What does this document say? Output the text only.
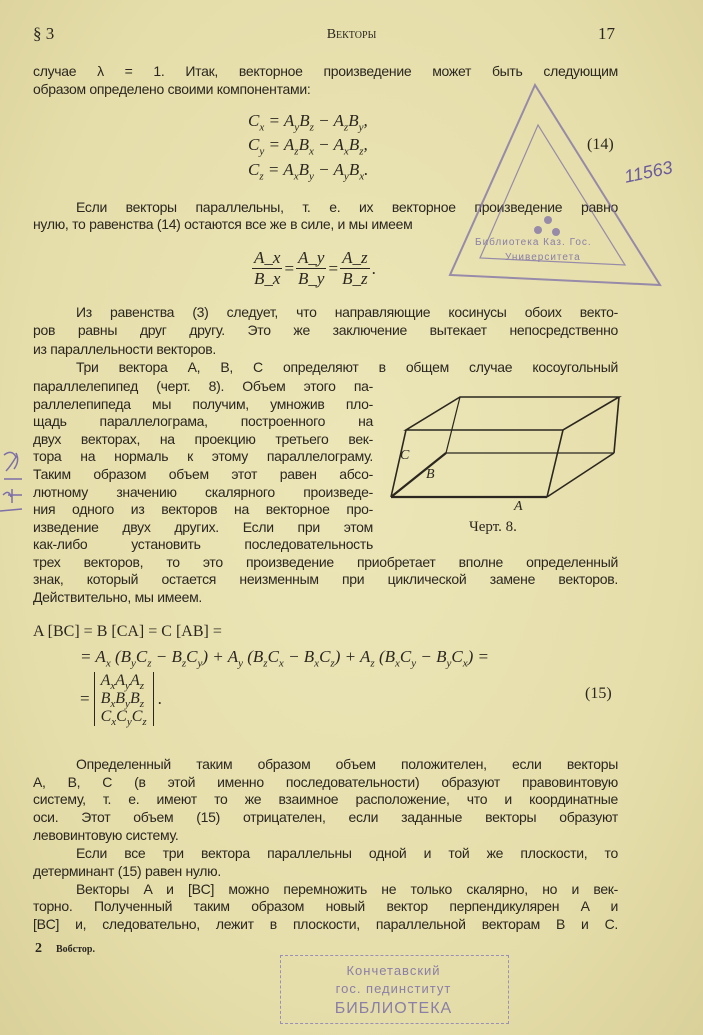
§ 3	Векторы	17
случае λ = 1. Итак, векторное произведение может быть следующим
образом определено своими компонентами:
$C_x = A_yB_z - A_zB_y$,
$C_y = A_zB_x - A_xB_z$,
$C_z = A_xB_y - A_yB_x$.
(14)
Если векторы параллельны, т. е. их векторное произведение равно
нулю, то равенства (14) остаются все же в силе, и мы имеем
$\frac{A\_x}{B\_x} = \frac{A\_y}{B\_y} = \frac{A\_z}{B\_z}$ .
Из равенства (3) следует, что направляющие косинусы обоих векто-
ров равны друг другу. Это же заключение вытекает непосредственно
из параллельности векторов.
Три вектора A, B, C определяют в общем случае косоугольный
параллелепипед (черт. 8). Объем этого па-
раллелепипеда мы получим, умножив пло-
щадь параллелограма, построенного на
двух векторах, на проекцию третьего век-
тора на нормаль к этому параллелограму.
Таким образом объем этот равен абсо-
лютному значению скалярного произведе-
ния одного из векторов на векторное про-
изведение двух других. Если при этом
как-либо установить последовательность
трех векторов, то это произведение приобретает вполне определенный
знак, который остается неизменным при циклической замене векторов.
Действительно, мы имеем.
C
B
A
Черт. 8.
A [BC] = B [CA] = C [AB] =
= $A_x$ $(B_yC_z - B_zC_y) + A_y$ $(B_zC_x - B_xC_z) + A_z$ $(B_xC_y - B_yC_x)$ =
=
$A_xA_yA_z$
$B_xB_yB_z$
$C_xC_yC_z$
.	(15)
Определенный таким образом объем положителен, если векторы
A, B, C (в этой именно последовательности) образуют правовинтовую
систему, т. е. имеют то же взаимное расположение, что и координатные
оси. Этот объем (15) отрицателен, если заданные векторы образуют
левовинтовую систему.
Если все три вектора параллельны одной и той же плоскости, то
детерминант (15) равен нулю.
Векторы A и [BC] можно перемножить не только скалярно, но и век-
торно. Полученный таким образом новый вектор перпендикулярен A и
[BC] и, следовательно, лежит в плоскости, параллельной векторам B и C.
2 Вобстор.
11563
Библиотека Каз. Гос.
Университета
Кончетавский
гос. пединститут
БИБЛИОТЕКА
